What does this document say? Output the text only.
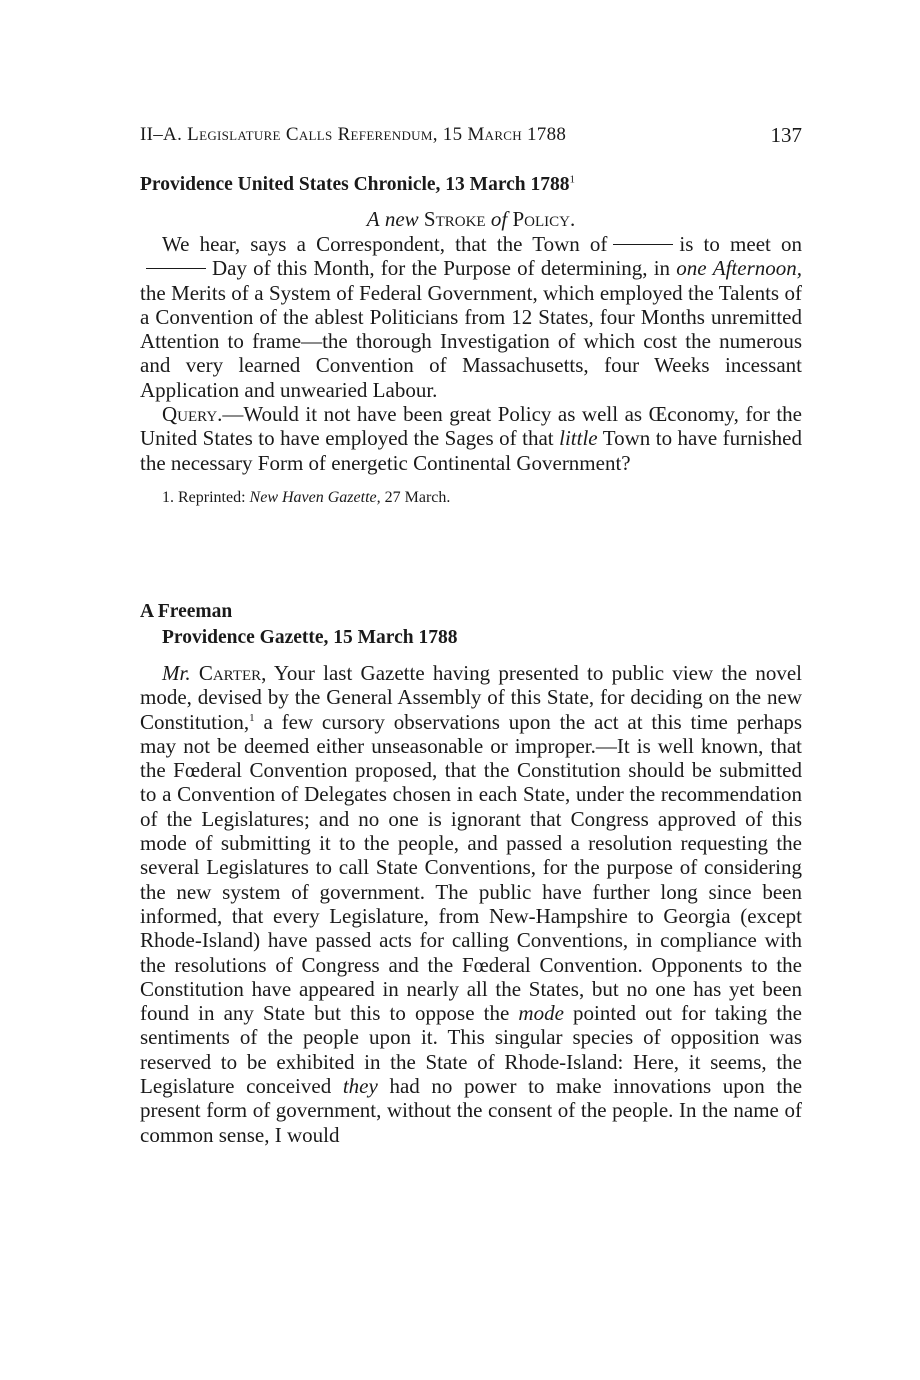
II–A. Legislature Calls Referendum, 15 March 1788	137

Providence United States Chronicle, 13 March 1788$^1$

A new Stroke of Policy.

We hear, says a Correspondent, that the Town of	is to meet onDay of this Month, for the Purpose of determining, in one Afternoon, the Merits of a System of Federal Government, which employed the Talents of a Convention of the ablest Politicians from 12 States, four Months unremitted Attention to frame—the thorough Investigation of which cost the numerous and very learned Convention of Massachusetts, four Weeks incessant Application and unwearied Labour.

Query.—Would it not have been great Policy as well as Œconomy, for the United States to have employed the Sages of that little Town to have furnished the necessary Form of energetic Continental Government?

1. Reprinted: New Haven Gazette, 27 March.

A Freeman

Providence Gazette, 15 March 1788

Mr. Carter, Your last Gazette having presented to public view the novel mode, devised by the General Assembly of this State, for deciding on the new Constitution,$^1$ a few cursory observations upon the act at this time perhaps may not be deemed either unseasonable or improper.—It is well known, that the Fœderal Convention proposed, that the Constitution should be submitted to a Convention of Delegates chosen in each State, under the recommendation of the Legislatures; and no one is ignorant that Congress approved of this mode of submitting it to the people, and passed a resolution requesting the several Legislatures to call State Conventions, for the purpose of considering the new system of government. The public have further long since been informed, that every Legislature, from New-Hampshire to Georgia (except Rhode-Island) have passed acts for calling Conventions, in compliance with the resolutions of Congress and the Fœderal Convention. Opponents to the Constitution have appeared in nearly all the States, but no one has yet been found in any State but this to oppose the mode pointed out for taking the sentiments of the people upon it. This singular species of opposition was reserved to be exhibited in the State of Rhode-Island: Here, it seems, the Legislature conceived they had no power to make innovations upon the present form of government, without the consent of the people. In the name of common sense, I would
